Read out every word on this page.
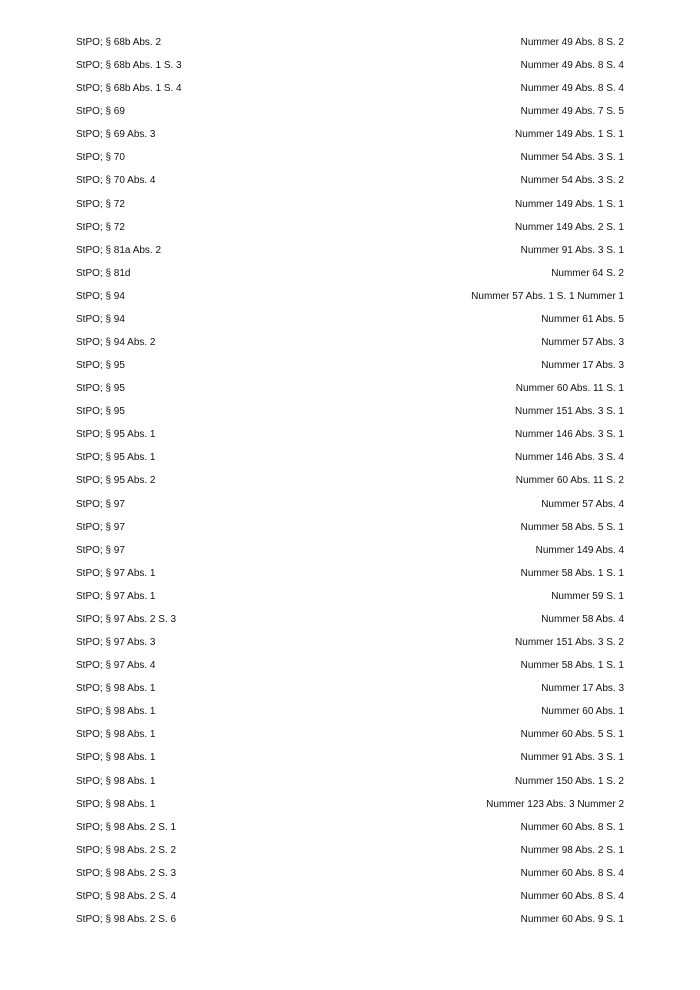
StPO; § 68b Abs. 2	Nummer 49 Abs. 8 S. 2
StPO; § 68b Abs. 1 S. 3	Nummer 49 Abs. 8 S. 4
StPO; § 68b Abs. 1 S. 4	Nummer 49 Abs. 8 S. 4
StPO; § 69	Nummer 49 Abs. 7 S. 5
StPO; § 69 Abs. 3	Nummer 149 Abs. 1 S. 1
StPO; § 70	Nummer 54 Abs. 3 S. 1
StPO; § 70 Abs. 4	Nummer 54 Abs. 3 S. 2
StPO; § 72	Nummer 149 Abs. 1 S. 1
StPO; § 72	Nummer 149 Abs. 2 S. 1
StPO; § 81a Abs. 2	Nummer 91 Abs. 3 S. 1
StPO; § 81d	Nummer 64 S. 2
StPO; § 94	Nummer 57 Abs. 1 S. 1 Nummer 1
StPO; § 94	Nummer 61 Abs. 5
StPO; § 94 Abs. 2	Nummer 57 Abs. 3
StPO; § 95	Nummer 17 Abs. 3
StPO; § 95	Nummer 60 Abs. 11 S. 1
StPO; § 95	Nummer 151 Abs. 3 S. 1
StPO; § 95 Abs. 1	Nummer 146 Abs. 3 S. 1
StPO; § 95 Abs. 1	Nummer 146 Abs. 3 S. 4
StPO; § 95 Abs. 2	Nummer 60 Abs. 11 S. 2
StPO; § 97	Nummer 57 Abs. 4
StPO; § 97	Nummer 58 Abs. 5 S. 1
StPO; § 97	Nummer 149 Abs. 4
StPO; § 97 Abs. 1	Nummer 58 Abs. 1 S. 1
StPO; § 97 Abs. 1	Nummer 59 S. 1
StPO; § 97 Abs. 2 S. 3	Nummer 58 Abs. 4
StPO; § 97 Abs. 3	Nummer 151 Abs. 3 S. 2
StPO; § 97 Abs. 4	Nummer 58 Abs. 1 S. 1
StPO; § 98 Abs. 1	Nummer 17 Abs. 3
StPO; § 98 Abs. 1	Nummer 60 Abs. 1
StPO; § 98 Abs. 1	Nummer 60 Abs. 5 S. 1
StPO; § 98 Abs. 1	Nummer 91 Abs. 3 S. 1
StPO; § 98 Abs. 1	Nummer 150 Abs. 1 S. 2
StPO; § 98 Abs. 1	Nummer 123 Abs. 3 Nummer 2
StPO; § 98 Abs. 2 S. 1	Nummer 60 Abs. 8 S. 1
StPO; § 98 Abs. 2 S. 2	Nummer 98 Abs. 2 S. 1
StPO; § 98 Abs. 2 S. 3	Nummer 60 Abs. 8 S. 4
StPO; § 98 Abs. 2 S. 4	Nummer 60 Abs. 8 S. 4
StPO; § 98 Abs. 2 S. 6	Nummer 60 Abs. 9 S. 1
